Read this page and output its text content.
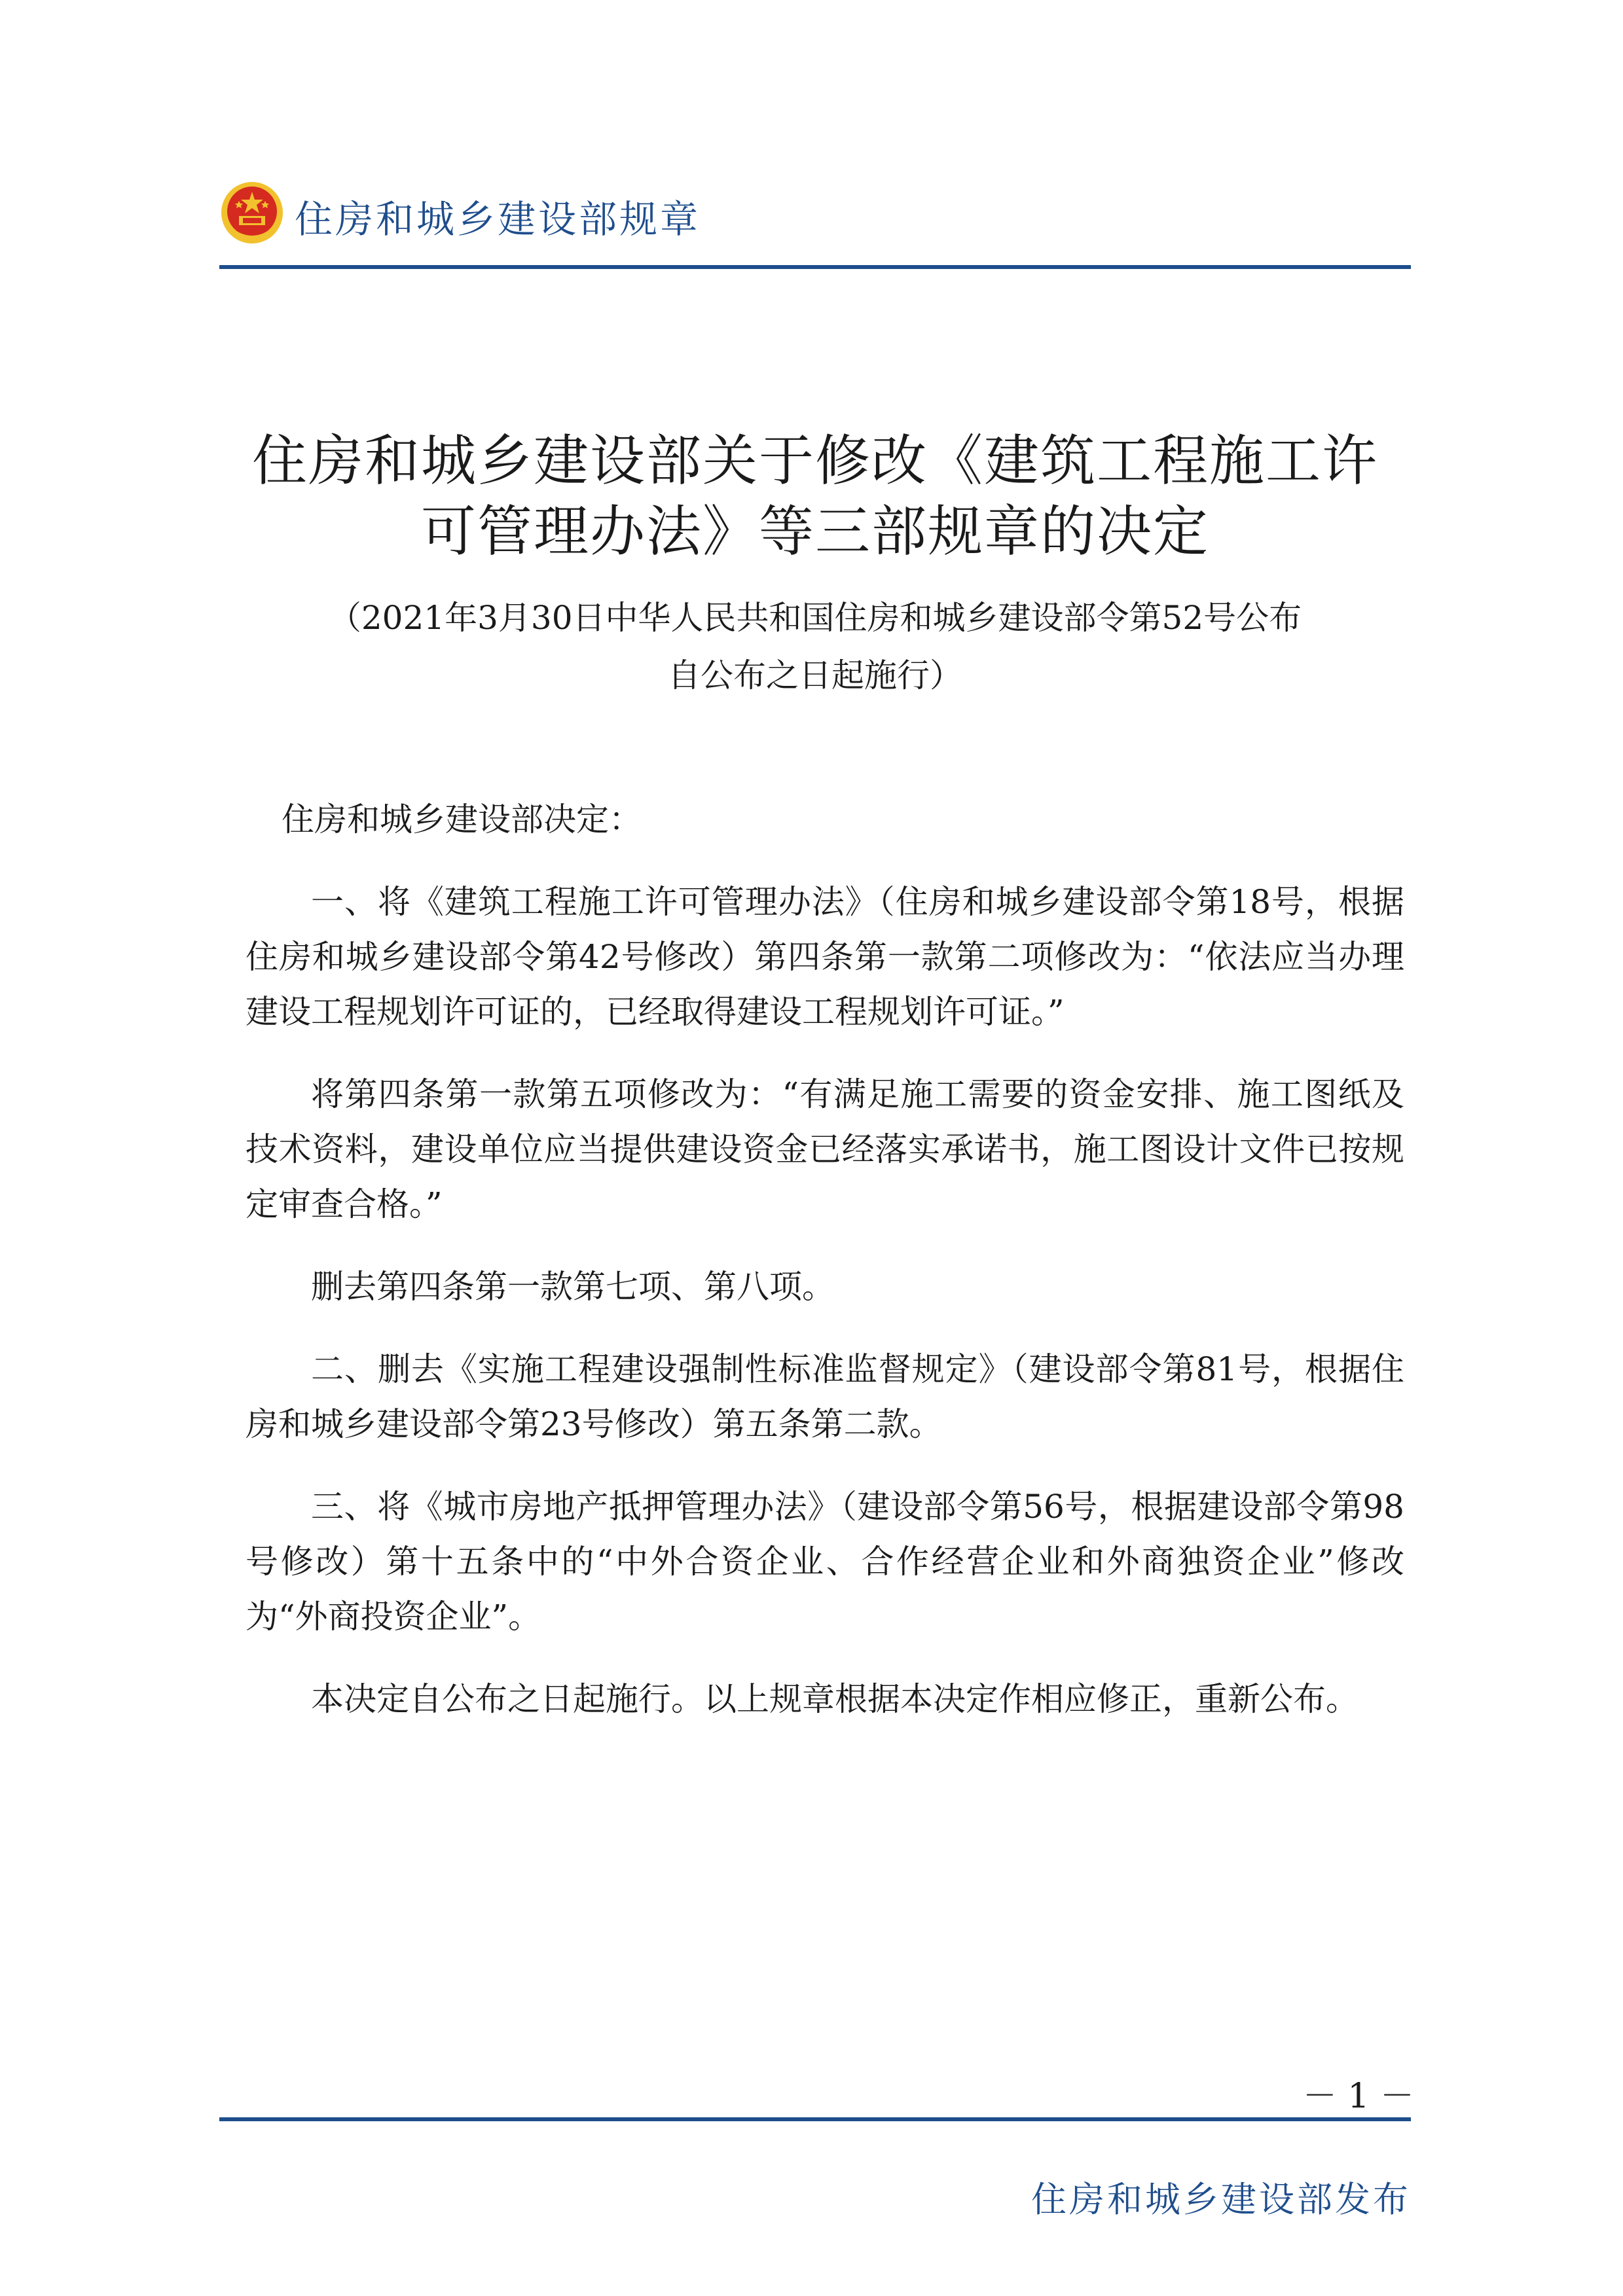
住房和城乡建设部规章
住房和城乡建设部关于修改《建筑工程施工许
可管理办法》等三部规章的决定
（2021年3月30日中华人民共和国住房和城乡建设部令第52号公布
自公布之日起施行）

住房和城乡建设部决定：

一、将《建筑工程施工许可管理办法》（住房和城乡建设部令第18号，根据住房和城乡建设部令第42号修改）第四条第一款第二项修改为：“依法应当办理建设工程规划许可证的，已经取得建设工程规划许可证。”

将第四条第一款第五项修改为：“有满足施工需要的资金安排、施工图纸及技术资料，建设单位应当提供建设资金已经落实承诺书，施工图设计文件已按规定审查合格。”

删去第四条第一款第七项、第八项。

二、删去《实施工程建设强制性标准监督规定》（建设部令第81号，根据住房和城乡建设部令第23号修改）第五条第二款。

三、将《城市房地产抵押管理办法》（建设部令第56号，根据建设部令第98号修改）第十五条中的“中外合资企业、合作经营企业和外商独资企业”修改为“外商投资企业”。

本决定自公布之日起施行。以上规章根据本决定作相应修正，重新公布。

－ 1 －
住房和城乡建设部发布
